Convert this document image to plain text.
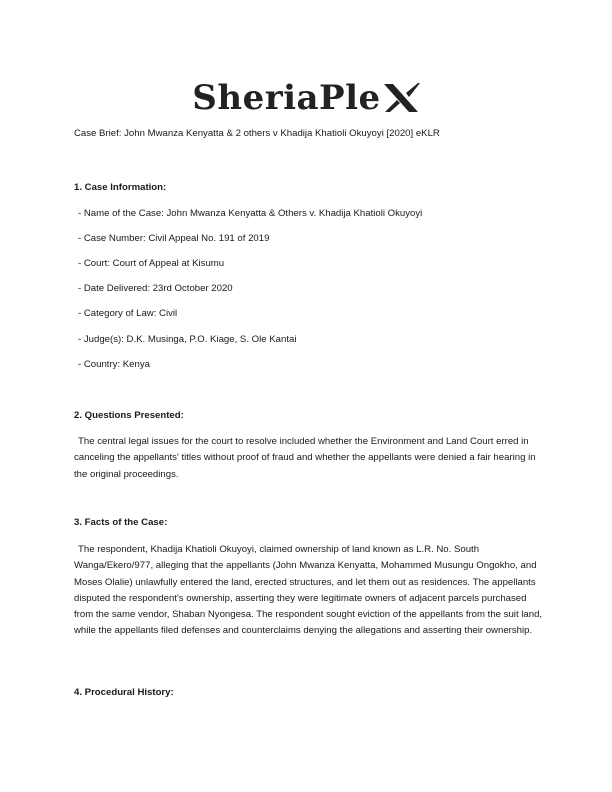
SheriaPle
Case Brief: John Mwanza Kenyatta & 2 others v Khadija Khatioli Okuyoyi [2020] eKLR
1. Case Information:
- Name of the Case: John Mwanza Kenyatta & Others v. Khadija Khatioli Okuyoyi
- Case Number: Civil Appeal No. 191 of 2019
- Court: Court of Appeal at Kisumu
- Date Delivered: 23rd October 2020
- Category of Law: Civil
- Judge(s): D.K. Musinga, P.O. Kiage, S. Ole Kantai
- Country: Kenya
2. Questions Presented:

The central legal issues for the court to resolve included whether the Environment and Land Court erred in canceling the appellants' titles without proof of fraud and whether the appellants were denied a fair hearing in the original proceedings.

3. Facts of the Case:

The respondent, Khadija Khatioli Okuyoyi, claimed ownership of land known as L.R. No. South Wanga/Ekero/977, alleging that the appellants (John Mwanza Kenyatta, Mohammed Musungu Ongokho, and Moses Olalie) unlawfully entered the land, erected structures, and let them out as residences. The appellants disputed the respondent's ownership, asserting they were legitimate owners of adjacent parcels purchased from the same vendor, Shaban Nyongesa. The respondent sought eviction of the appellants from the suit land, while the appellants filed defenses and counterclaims denying the allegations and asserting their ownership.

4. Procedural History:
